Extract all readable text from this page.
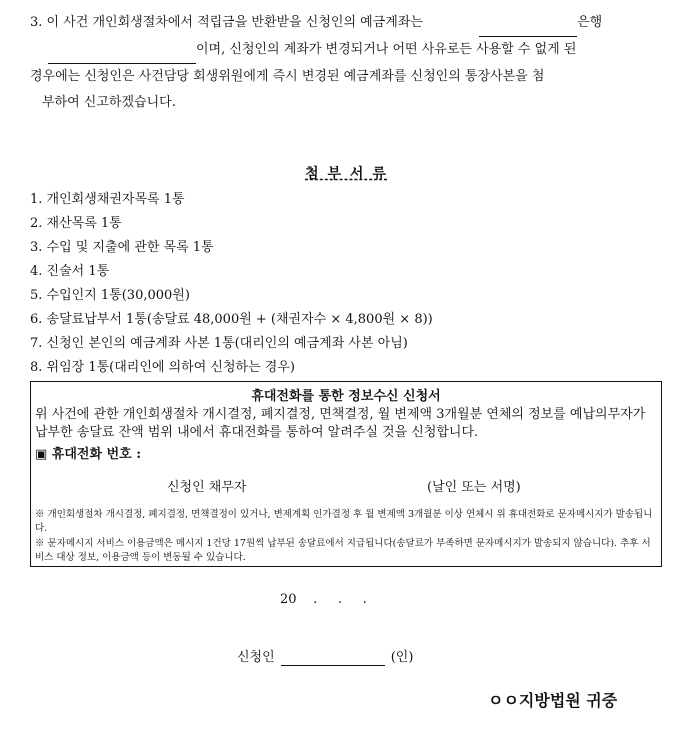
3. 이 사건 개인회생절차에서 적립금을 반환받을 신청인의 예금계좌는	은행
이며, 신청인의 계좌가 변경되거나 어떤 사유로든 사용할 수 없게 된
경우에는 신청인은 사건담당 회생위원에게 즉시 변경된 예금계좌를 신청인의 통장사본을 첨
부하여 신고하겠습니다.
첨 부 서 류
1. 개인회생채권자목록 1통
2. 재산목록 1통
3. 수입 및 지출에 관한 목록 1통
4. 진술서 1통
5. 수입인지 1통(30,000원)
6. 송달료납부서 1통(송달료 48,000원 + (채권자수 × 4,800원 × 8))
7. 신청인 본인의 예금계좌 사본 1통(대리인의 예금계좌 사본 아님)
8. 위임장 1통(대리인에 의하여 신청하는 경우)
휴대전화를 통한 정보수신 신청서
위 사건에 관한 개인회생절차 개시결정, 폐지결정, 면책결정, 월 변제액 3개월분 연체의 정보를 예납의무자가 납부한 송달료 잔액 범위 내에서 휴대전화를 통하여 알려주실 것을 신청합니다.
▣ 휴대전화 번호 :
신청인 채무자	(날인 또는 서명)
※ 개인회생절차 개시결정, 폐지결정, 면책결정이 있거나, 변제계획 인가결정 후 월 변제액 3개월분 이상 연체시 위 휴대전화로 문자메시지가 발송됩니다.
※ 문자메시지 서비스 이용금액은 메시지 1건당 17원씩 납부된 송달료에서 지급됩니다(송달료가 부족하면 문자메시지가 발송되지 않습니다). 추후 서비스 대상 정보, 이용금액 등이 변동될 수 있습니다.
20    .     .     .
신청인	(인)
ㅇㅇ지방법원 귀중
